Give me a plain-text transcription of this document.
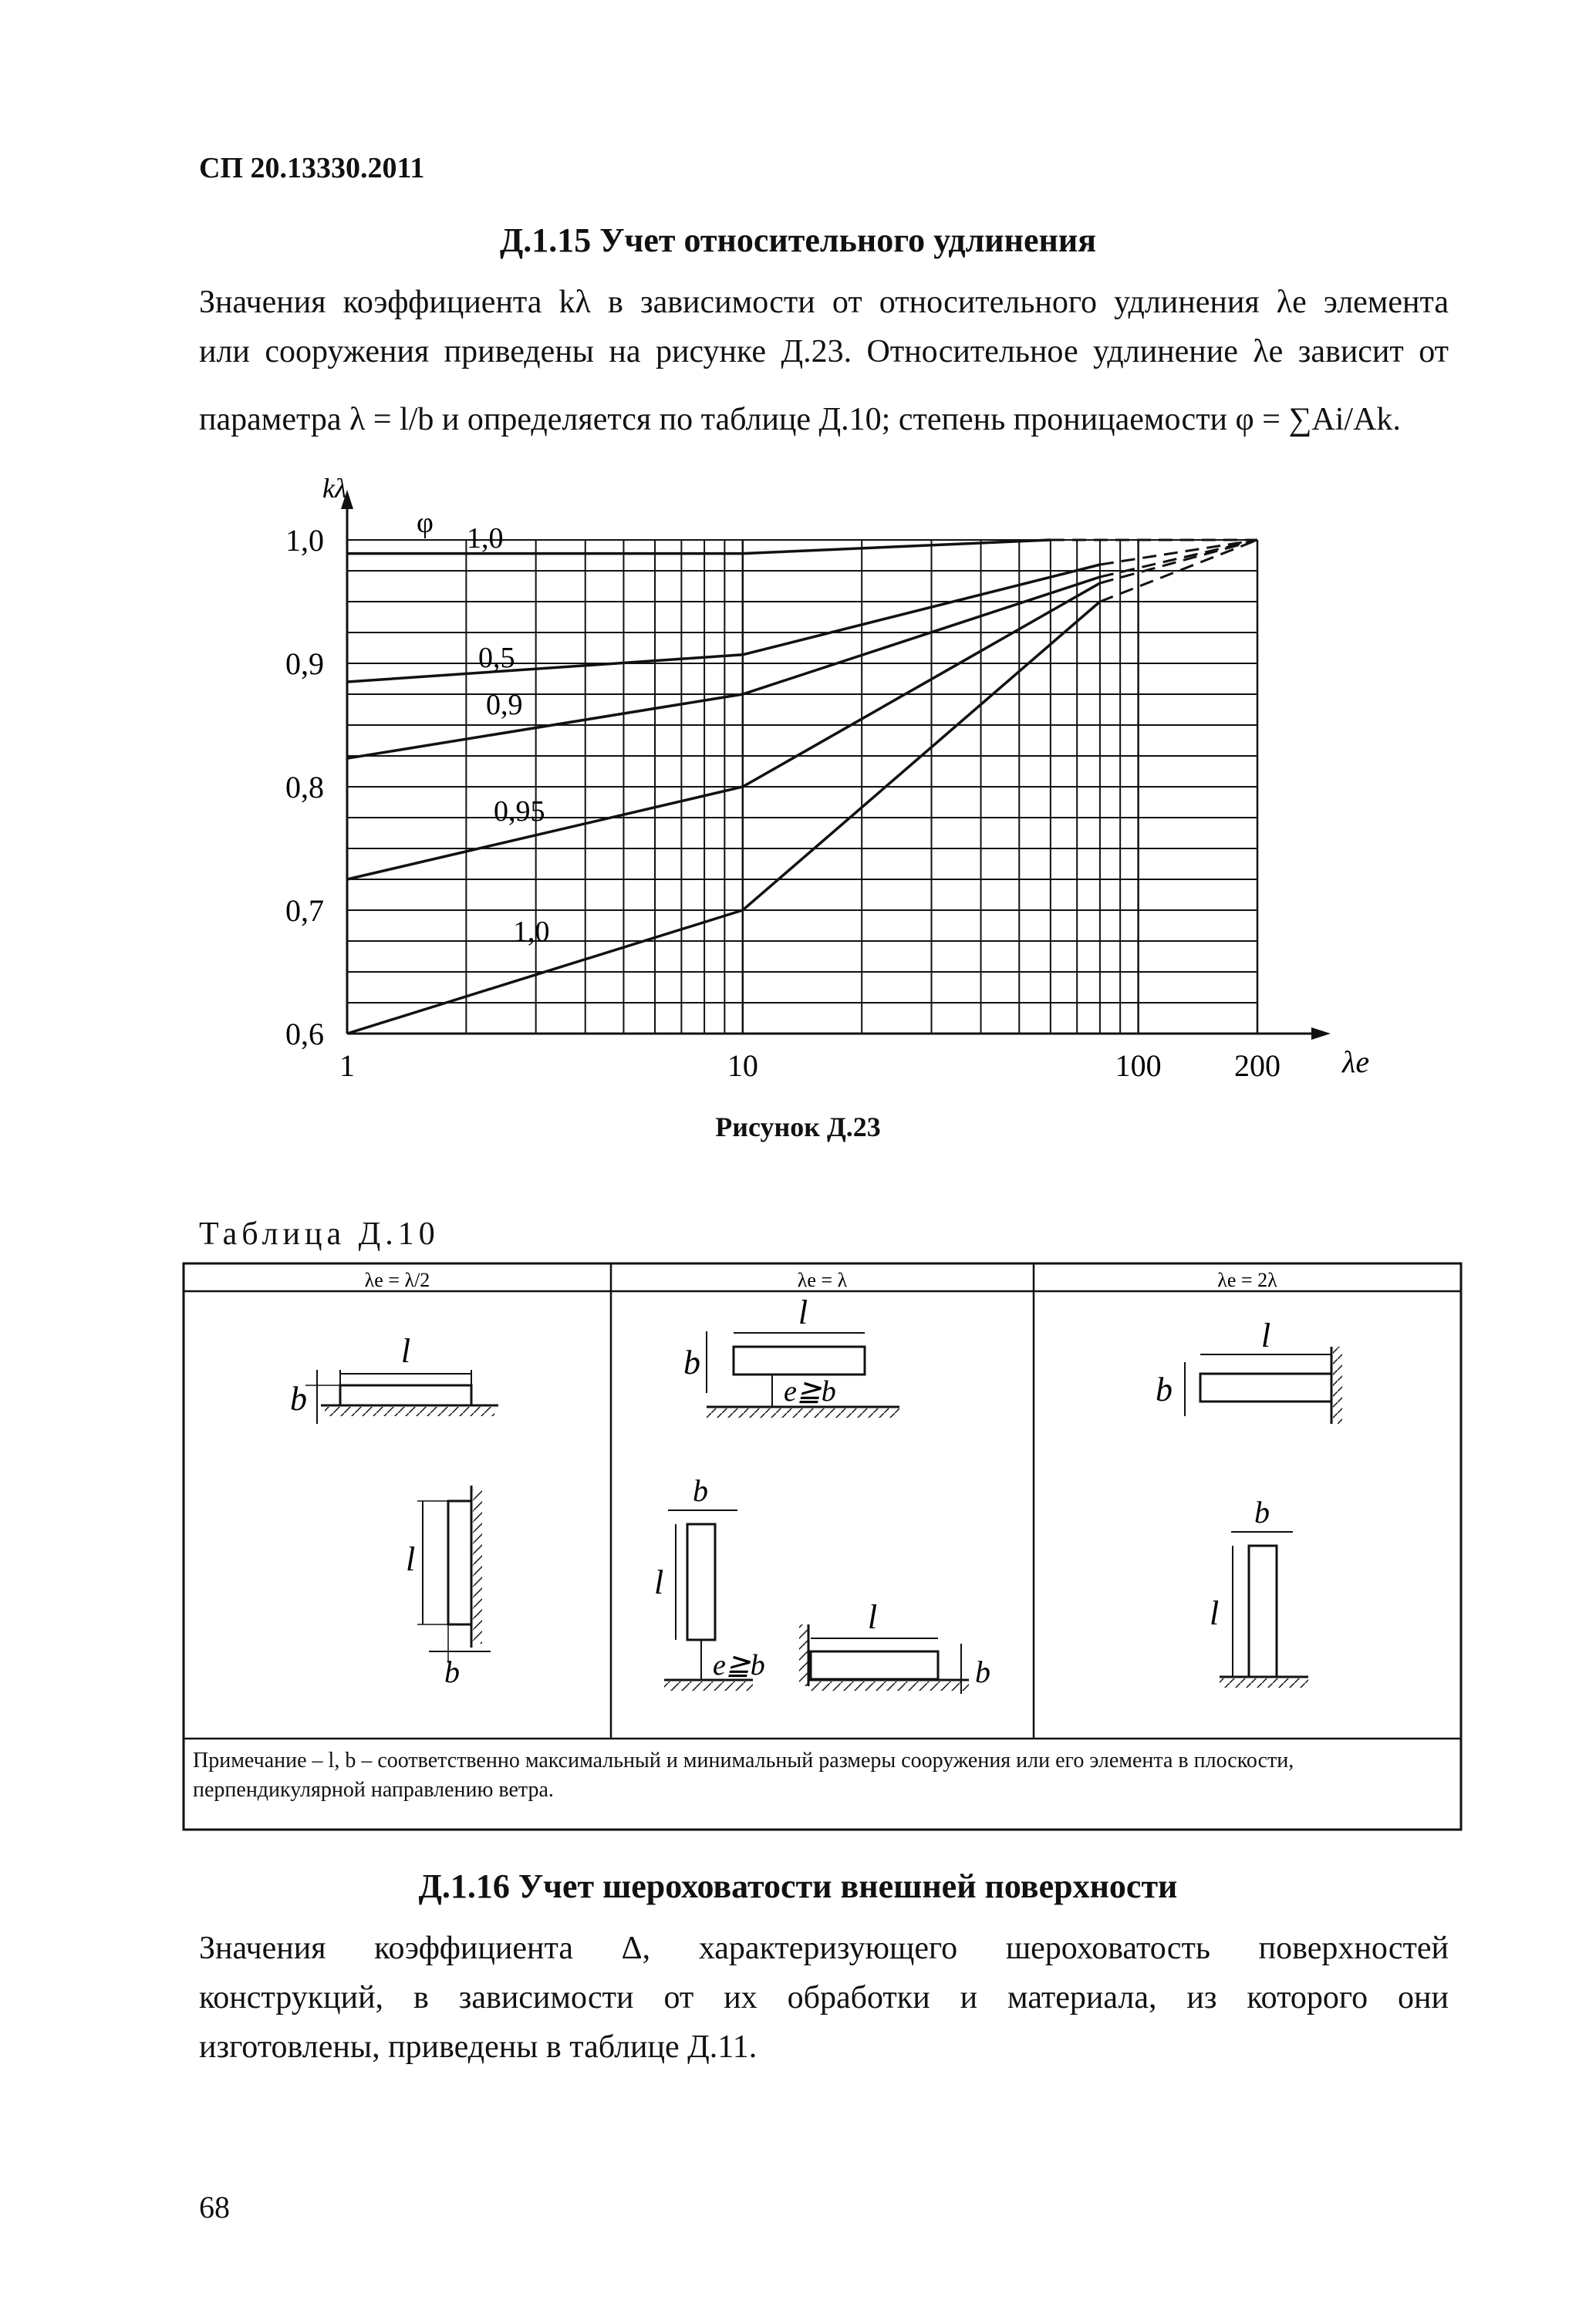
СП 20.13330.2011
Д.1.15 Учет относительного удлинения
Значения коэффициента kλ в зависимости от относительного удлинения λe элемента
или сооружения приведены на рисунке Д.23. Относительное удлинение λe зависит от
параметра λ = l/b и определяется по таблице Д.10; степень проницаемости φ = ∑Ai/Ak.
1,0
0,9
0,8
0,7
0,6
1	10	100 200
kλ
λe
φ 1,0
0,5
0,9
0,95
1,0
Рисунок Д.23
Таблица Д.10
λe = λ/2	λe = λ	λe = 2λ
l
b
l
b
l
b
e≧b
b
l
e≧b
l
b
l
b
b
l
Примечание – l, b – соответственно максимальный и минимальный размеры сооружения или его элемента в плоскости, перпендикулярной направлению ветра.
Д.1.16 Учет шероховатости внешней поверхности
Значения коэффициента Δ, характеризующего шероховатость поверхностей
конструкций, в зависимости от их обработки и материала, из которого они
изготовлены, приведены в таблице Д.11.
68
